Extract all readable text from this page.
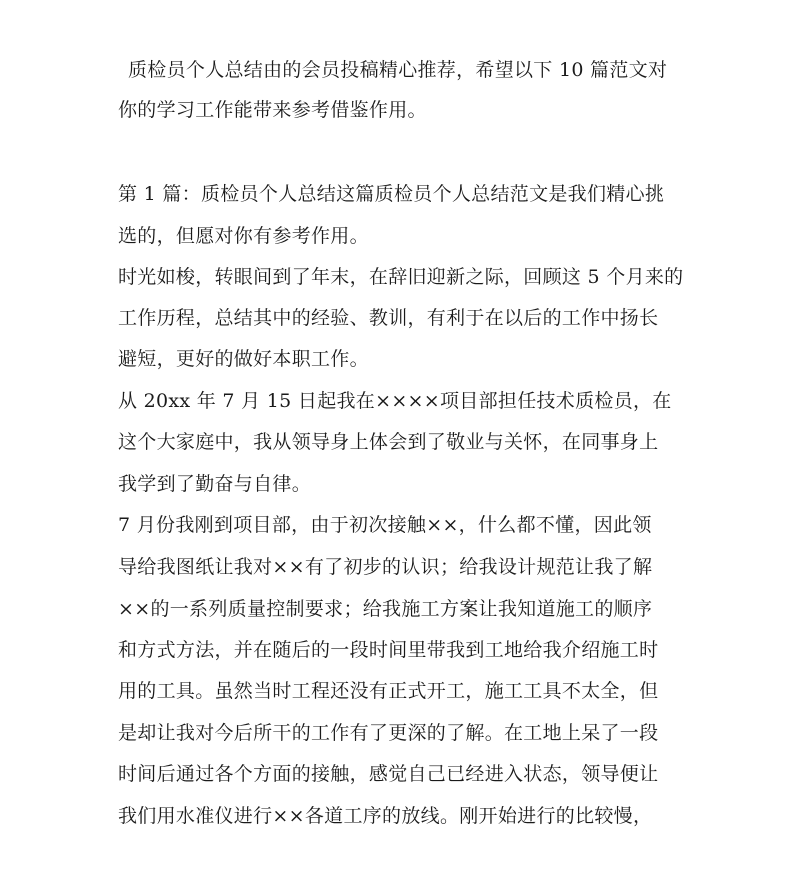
质检员个人总结由的会员投稿精心推荐，希望以下 10 篇范文对
你的学习工作能带来参考借鉴作用。
第 1 篇：质检员个人总结这篇质检员个人总结范文是我们精心挑
选的，但愿对你有参考作用。
时光如梭，转眼间到了年末，在辞旧迎新之际，回顾这 5 个月来的
工作历程，总结其中的经验、教训，有利于在以后的工作中扬长
避短，更好的做好本职工作。
从 20xx 年 7 月 15 日起我在××××项目部担任技术质检员，在
这个大家庭中，我从领导身上体会到了敬业与关怀，在同事身上
我学到了勤奋与自律。
7 月份我刚到项目部，由于初次接触××，什么都不懂，因此领
导给我图纸让我对××有了初步的认识；给我设计规范让我了解
××的一系列质量控制要求；给我施工方案让我知道施工的顺序
和方式方法，并在随后的一段时间里带我到工地给我介绍施工时
用的工具。虽然当时工程还没有正式开工，施工工具不太全，但
是却让我对今后所干的工作有了更深的了解。在工地上呆了一段
时间后通过各个方面的接触，感觉自己已经进入状态，领导便让
我们用水准仪进行××各道工序的放线。刚开始进行的比较慢，
